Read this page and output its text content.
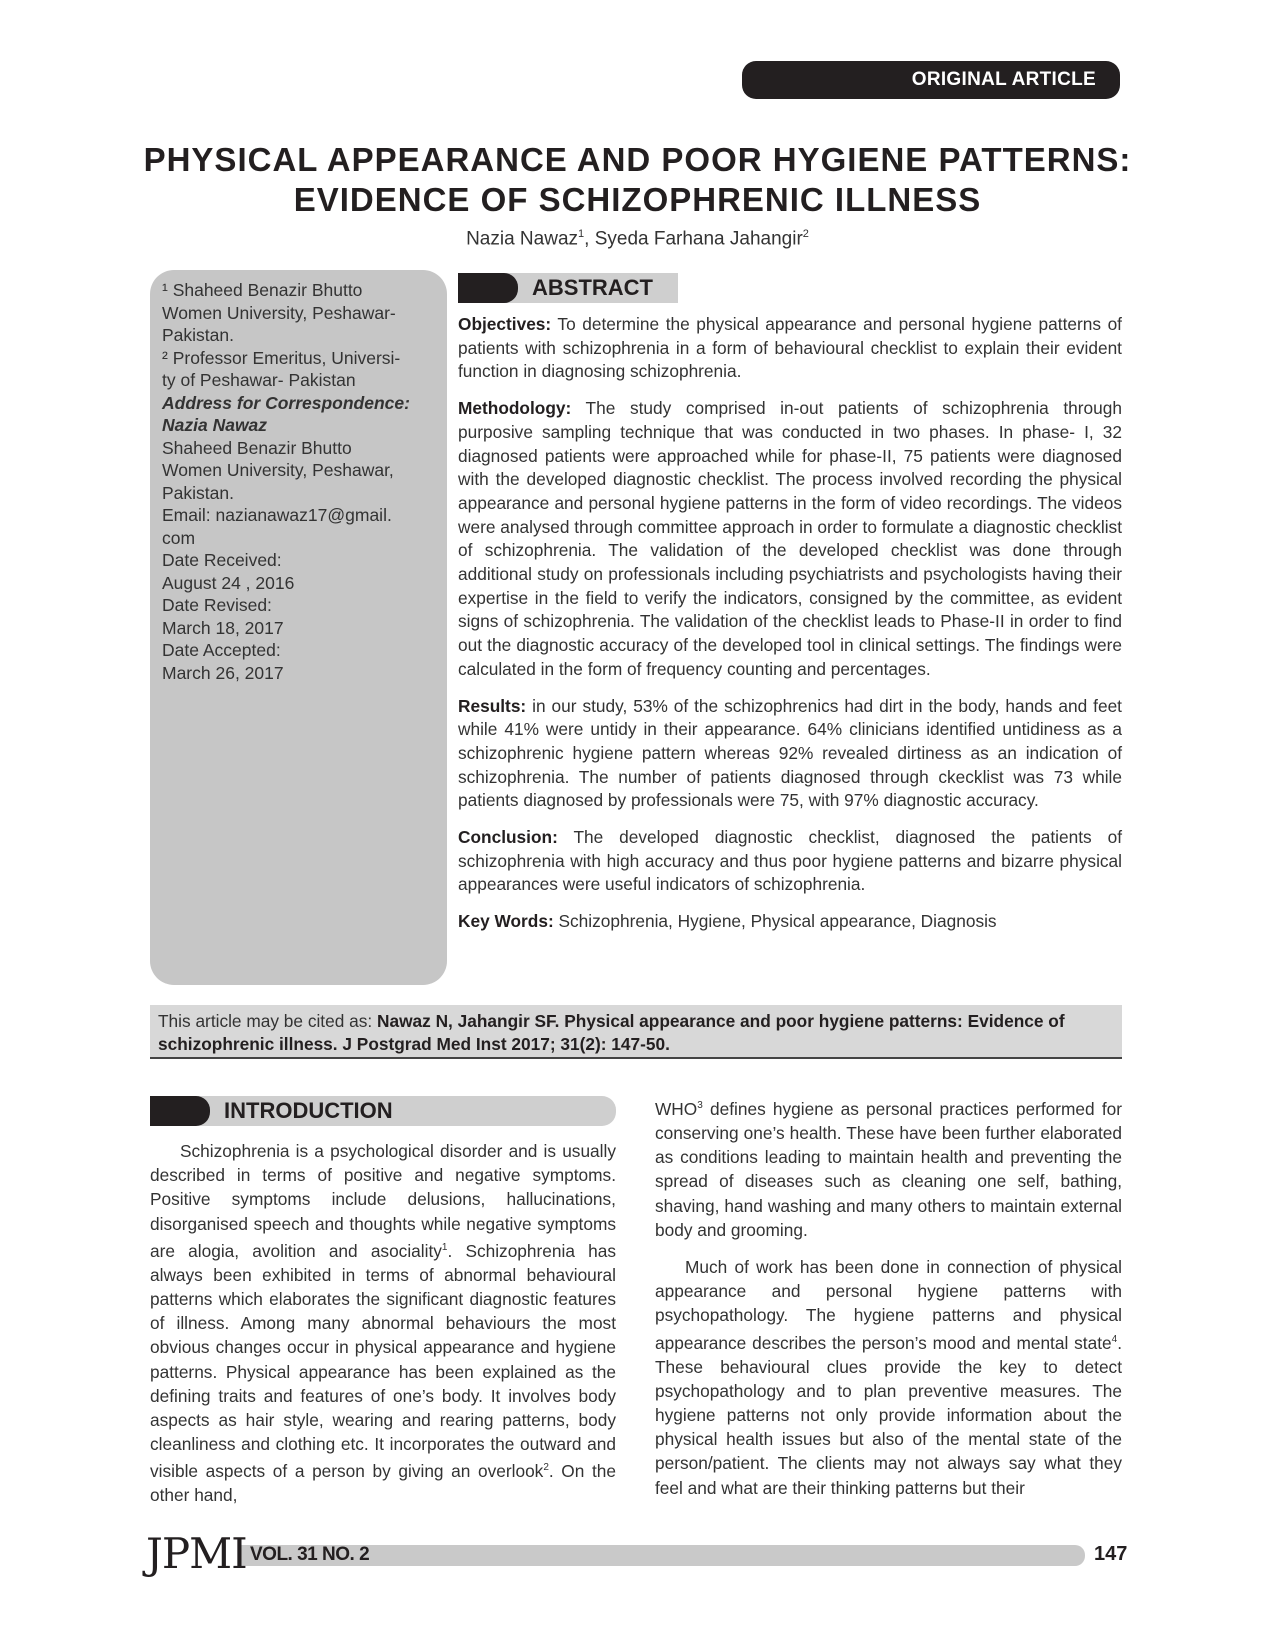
ORIGINAL ARTICLE
PHYSICAL APPEARANCE AND POOR HYGIENE PATTERNS:
EVIDENCE OF SCHIZOPHRENIC ILLNESS
Nazia Nawaz$^1$, Syeda Farhana Jahangir$^2$
¹ Shaheed Benazir Bhutto
Women University, Peshawar-
Pakistan.
² Professor Emeritus, Universi-
ty of Peshawar- Pakistan
Address for Correspondence:
Nazia Nawaz
Shaheed Benazir Bhutto
Women University, Peshawar,
Pakistan.
Email: nazianawaz17@gmail.
com
Date Received:
August 24 , 2016
Date Revised:
March 18, 2017
Date Accepted:
March 26, 2017
ABSTRACT

Objectives: To determine the physical appearance and personal hygiene patterns of patients with schizophrenia in a form of behavioural checklist to explain their evident function in diagnosing schizophrenia.

Methodology: The study comprised in-out patients of schizophrenia through purposive sampling technique that was conducted in two phases. In phase- I, 32 diagnosed patients were approached while for phase-II, 75 patients were diagnosed with the developed diagnostic checklist. The process involved recording the physical appearance and personal hygiene patterns in the form of video recordings. The videos were analysed through committee approach in order to formulate a diagnostic checklist of schizophrenia. The validation of the developed checklist was done through additional study on professionals including psychiatrists and psychologists having their expertise in the field to verify the indicators, consigned by the committee, as evident signs of schizophrenia. The validation of the checklist leads to Phase-II in order to find out the diagnostic accuracy of the developed tool in clinical settings. The findings were calculated in the form of frequency counting and percentages.

Results: in our study, 53% of the schizophrenics had dirt in the body, hands and feet while 41% were untidy in their appearance. 64% clinicians identified untidiness as a schizophrenic hygiene pattern whereas 92% revealed dirtiness as an indication of schizophrenia. The number of patients diagnosed through ckecklist was 73 while patients diagnosed by professionals were 75, with 97% diagnostic accuracy.

Conclusion: The developed diagnostic checklist, diagnosed the patients of schizophrenia with high accuracy and thus poor hygiene patterns and bizarre physical appearances were useful indicators of schizophrenia.

Key Words: Schizophrenia, Hygiene, Physical appearance, Diagnosis

This article may be cited as: Nawaz N, Jahangir SF. Physical appearance and poor hygiene patterns: Evidence of schizophrenic illness. J Postgrad Med Inst 2017; 31(2): 147-50.
INTRODUCTION

Schizophrenia is a psychological disorder and is usually described in terms of positive and negative symptoms. Positive symptoms include delusions, hallucinations, disorganised speech and thoughts while negative symptoms are alogia, avolition and asociality$^1$. Schizophrenia has always been exhibited in terms of abnormal behavioural patterns which elaborates the significant diagnostic features of illness. Among many abnormal behaviours the most obvious changes occur in physical appearance and hygiene patterns. Physical appearance has been explained as the defining traits and features of one’s body. It involves body aspects as hair style, wearing and rearing patterns, body cleanliness and clothing etc. It incorporates the outward and visible aspects of a person by giving an overlook$^2$. On the other hand,

WHO$^3$ defines hygiene as personal practices performed for conserving one’s health. These have been further elaborated as conditions leading to maintain health and preventing the spread of diseases such as cleaning one self, bathing, shaving, hand washing and many others to maintain external body and grooming.

Much of work has been done in connection of physical appearance and personal hygiene patterns with psychopathology. The hygiene patterns and physical appearance describes the person’s mood and mental state$^4$. These behavioural clues provide the key to detect psychopathology and to plan preventive measures. The hygiene patterns not only provide information about the physical health issues but also of the mental state of the person/patient. The clients may not always say what they feel and what are their thinking patterns but their

JPMI VOL. 31 NO. 2	147
